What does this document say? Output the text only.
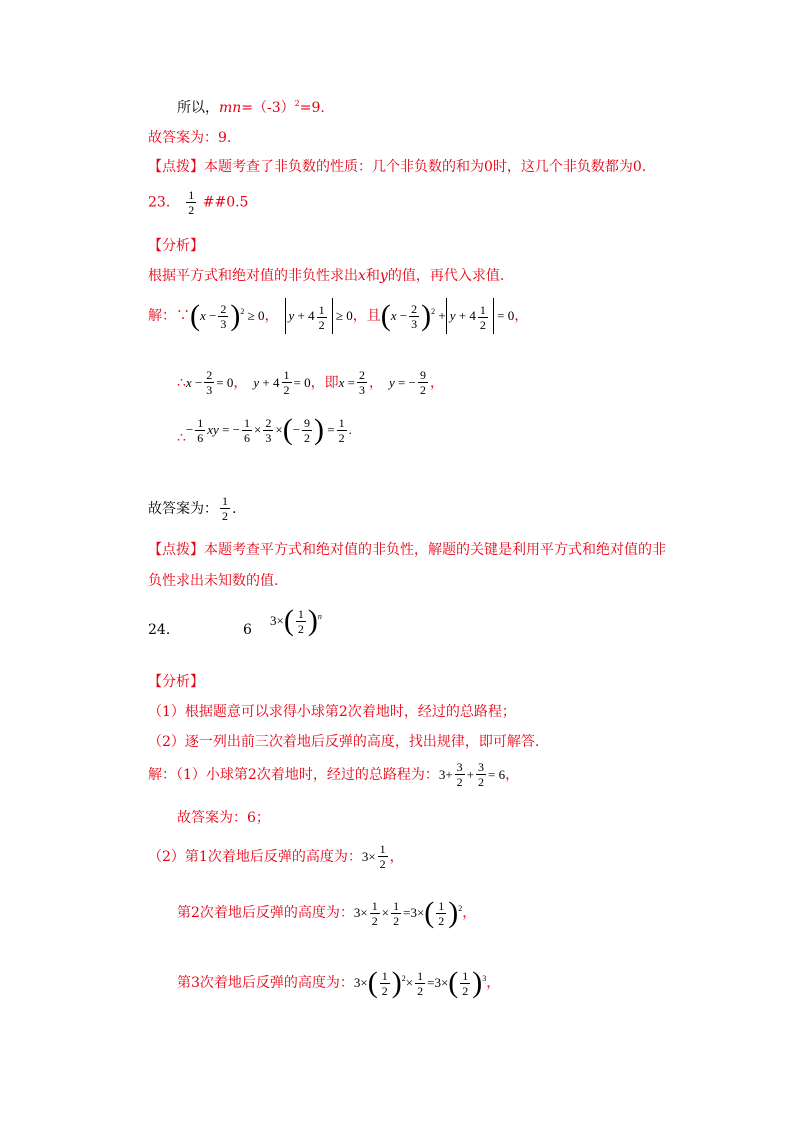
所以，$mn=(-3)^2=9$.
故答案为：9.
【点拨】本题考查了非负数的性质：几个非负数的和为0时，这几个非负数都为0.
23． $\frac{1}{2}$ ##0.5
【分析】
根据平方式和绝对值的非负性求出x和y的值，再代入求值.
解：∵ ( x
− $\frac{2}{3} )^2$
≥
0 ， $y + 4 \frac{1}{2}$
≥
0 ， 且 ( x
− $\frac{2}{3} )^2$
+ $y + 4 \frac{1}{2}$
=
0 ，
∴ x
− $\frac{2}{3}$ =
0 ， y
+
$4 \frac{1}{2}$ =
0 ， 即 x
= $\frac{2}{3}$ ， y
=
− $\frac{9}{2}$ ，
∴
− $\frac{1}{6}$ xy
=
− $\frac{1}{6} \times \frac{2}{3}$ × ( − $\frac{9}{2}$ )
= $\frac{1}{2}$ .
故答案为： 1
2 .
【点拨】本题考查平方式和绝对值的非负性，解题的关键是利用平方式和绝对值的非
负性求出未知数的值.
24．	6
3 × ( 1
2 )$^n$
【分析】
（1）根据题意可以求得小球第2次着地时，经过的总路程；
（2）逐一列出前三次着地后反弹的高度，找出规律，即可解答.
解：（1）小球第2次着地时，经过的总路程为： $3 + \frac{3}{2} + \frac{3}{2}$ =
6 ，
故答案为：6；
（2）第1次着地后反弹的高度为： $3 \times \frac{1}{2}$ ，
第2次着地后反弹的高度为： $3 \times \frac{1}{2} \times \frac{1}{2} = 3$ × ( 1
2 )$^2$ ，
第3次着地后反弹的高度为： 3 × ( 1
2 )$^2 \times \frac{1}{2} = 3$ × ( 1
2 )$^3$ ，
